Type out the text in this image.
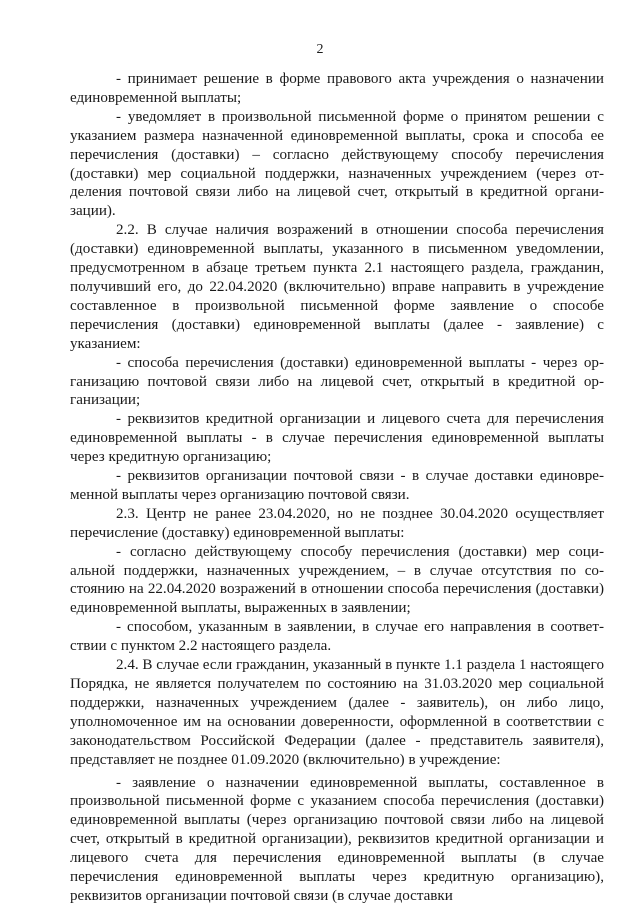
2

- принимает решение в форме правового акта учреждения о назначении единовременной выплаты;

- уведомляет в произвольной письменной форме о принятом решении с указанием размера назначенной единовременной выплаты, срока и способа ее перечисления (доставки) – согласно действующему способу перечисления (доставки) мер социальной поддержки, назначенных учреждением (через отделения почтовой связи либо на лицевой счет, открытый в кредитной организации).

2.2. В случае наличия возражений в отношении способа перечисления (доставки) единовременной выплаты, указанного в письменном уведомлении, предусмотренном в абзаце третьем пункта 2.1 настоящего раздела, гражданин, получивший его, до 22.04.2020 (включительно) вправе направить в учреждение составленное в произвольной письменной форме заявление о способе перечисления (доставки) единовременной выплаты (далее - заявление) с указанием:

- способа перечисления (доставки) единовременной выплаты - через организацию почтовой связи либо на лицевой счет, открытый в кредитной организации;

- реквизитов кредитной организации и лицевого счета для перечисления единовременной выплаты - в случае перечисления единовременной выплаты через кредитную организацию;

- реквизитов организации почтовой связи - в случае доставки единовременной выплаты через организацию почтовой связи.

2.3. Центр не ранее 23.04.2020, но не позднее 30.04.2020 осуществляет перечисление (доставку) единовременной выплаты:

- согласно действующему способу перечисления (доставки) мер социальной поддержки, назначенных учреждением, – в случае отсутствия по состоянию на 22.04.2020 возражений в отношении способа перечисления (доставки) единовременной выплаты, выраженных в заявлении;

- способом, указанным в заявлении, в случае его направления в соответствии с пунктом 2.2 настоящего раздела.

2.4. В случае если гражданин, указанный в пункте 1.1 раздела 1 настоящего Порядка, не является получателем по состоянию на 31.03.2020 мер социальной поддержки, назначенных учреждением (далее - заявитель), он либо лицо, уполномоченное им на основании доверенности, оформленной в соответствии с законодательством Российской Федерации (далее - представитель заявителя), представляет не позднее 01.09.2020 (включительно) в учреждение:

- заявление о назначении единовременной выплаты, составленное в произвольной письменной форме с указанием способа перечисления (доставки) единовременной выплаты (через организацию почтовой связи либо на лицевой счет, открытый в кредитной организации), реквизитов кредитной организации и лицевого счета для перечисления единовременной выплаты (в случае перечисления единовременной выплаты через кредитную организацию), реквизитов организации почтовой связи (в случае доставки
